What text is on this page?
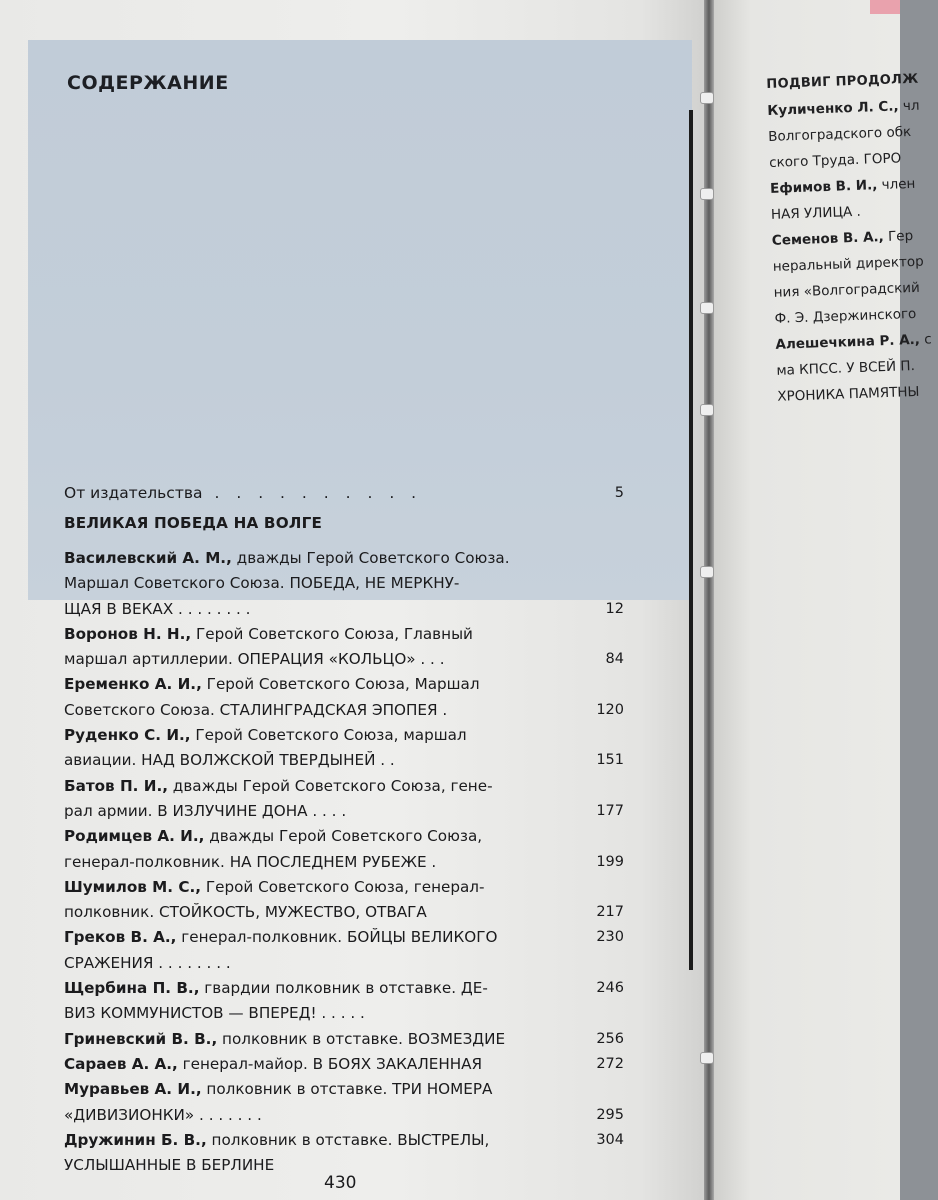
СОДЕРЖАНИЕ
От издательства . . . . . . . . . .	5
ВЕЛИКАЯ ПОБЕДА НА ВОЛГЕ
Василевский А. М., дважды Герой Советского Союза.
Маршал Советского Союза. ПОБЕДА, НЕ МЕРКНУ-
ЩАЯ В ВЕКАХ . . . . . . . .	12
Воронов Н. Н., Герой Советского Союза, Главный
маршал артиллерии. ОПЕРАЦИЯ «КОЛЬЦО» . . .	84
Еременко А. И., Герой Советского Союза, Маршал
Советского Союза. СТАЛИНГРАДСКАЯ ЭПОПЕЯ .	120
Руденко С. И., Герой Советского Союза, маршал
авиации. НАД ВОЛЖСКОЙ ТВЕРДЫНЕЙ . .	151
Батов П. И., дважды Герой Советского Союза, гене-
рал армии. В ИЗЛУЧИНЕ ДОНА . . . .	177
Родимцев А. И., дважды Герой Советского Союза,
генерал-полковник. НА ПОСЛЕДНЕМ РУБЕЖЕ .	199
Шумилов М. С., Герой Советского Союза, генерал-
полковник. СТОЙКОСТЬ, МУЖЕСТВО, ОТВАГА	217
Греков В. А., генерал-полковник. БОЙЦЫ ВЕЛИКОГО	230
СРАЖЕНИЯ . . . . . . . .
Щербина П. В., гвардии полковник в отставке. ДЕ-	246
ВИЗ КОММУНИСТОВ — ВПЕРЕД! . . . . .
Гриневский В. В., полковник в отставке. ВОЗМЕЗДИЕ	256
Сараев А. А., генерал-майор. В БОЯХ ЗАКАЛЕННАЯ	272
Муравьев А. И., полковник в отставке. ТРИ НОМЕРА
«ДИВИЗИОНКИ» . . . . . . .	295
Дружинин Б. В., полковник в отставке. ВЫСТРЕЛЫ,	304
УСЛЫШАННЫЕ В БЕРЛИНЕ
430
ПОДВИГ ПРОДОЛЖ
Куличенко Л. С., чл
Волгоградского обк
ского Труда. ГОРО
Ефимов В. И., член
НАЯ УЛИЦА .
Семенов В. А., Гер
неральный директор
ния «Волгоградский
Ф. Э. Дзержинского
Алешечкина Р. А., с
ма КПСС. У ВСЕЙ П.
ХРОНИКА ПАМЯТНЫ
